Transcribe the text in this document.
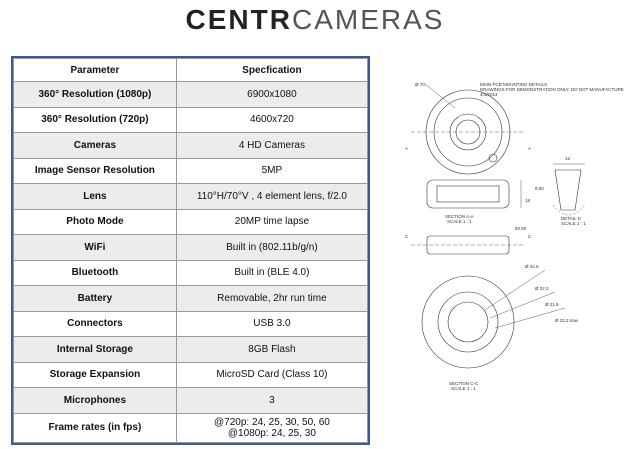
CENTRCAMERAS
Parameter	Specfication
360° Resolution (1080p)	6900x1080
360° Resolution (720p)	4600x720
Cameras	4 HD Cameras
Image Sensor Resolution	5MP
Lens	110°H/70°V , 4 element lens, f/2.0
Photo Mode	20MP time lapse
WiFi	Built in (802.11b/g/n)
Bluetooth	Built in (BLE 4.0)
Battery	Removable, 2hr run time
Connectors	USB 3.0
Internal Storage	8GB Flash
Storage Expansion	MicroSD Card (Class 10)
Microphones	3
Frame rates (in fps)	@720p: 24, 25, 30, 50, 60
@1080p: 24, 25, 30
MAIN PCB MOUNTING DETAILS
DRAWINGS FOR DEMONSTRATION ONLY. DO NOT MANUFACTURE
4/1/2014
A	A
C	C
Ø 70
12
8.50
18
50.50
Ø 42.6
Ø 32.0
Ø 21.9
Ø 33.3 max
SECTION A-A
SCALE 1 : 1
DETAIL D
SCALE 2 : 1
SECTION C-C
SCALE 1 : 1
